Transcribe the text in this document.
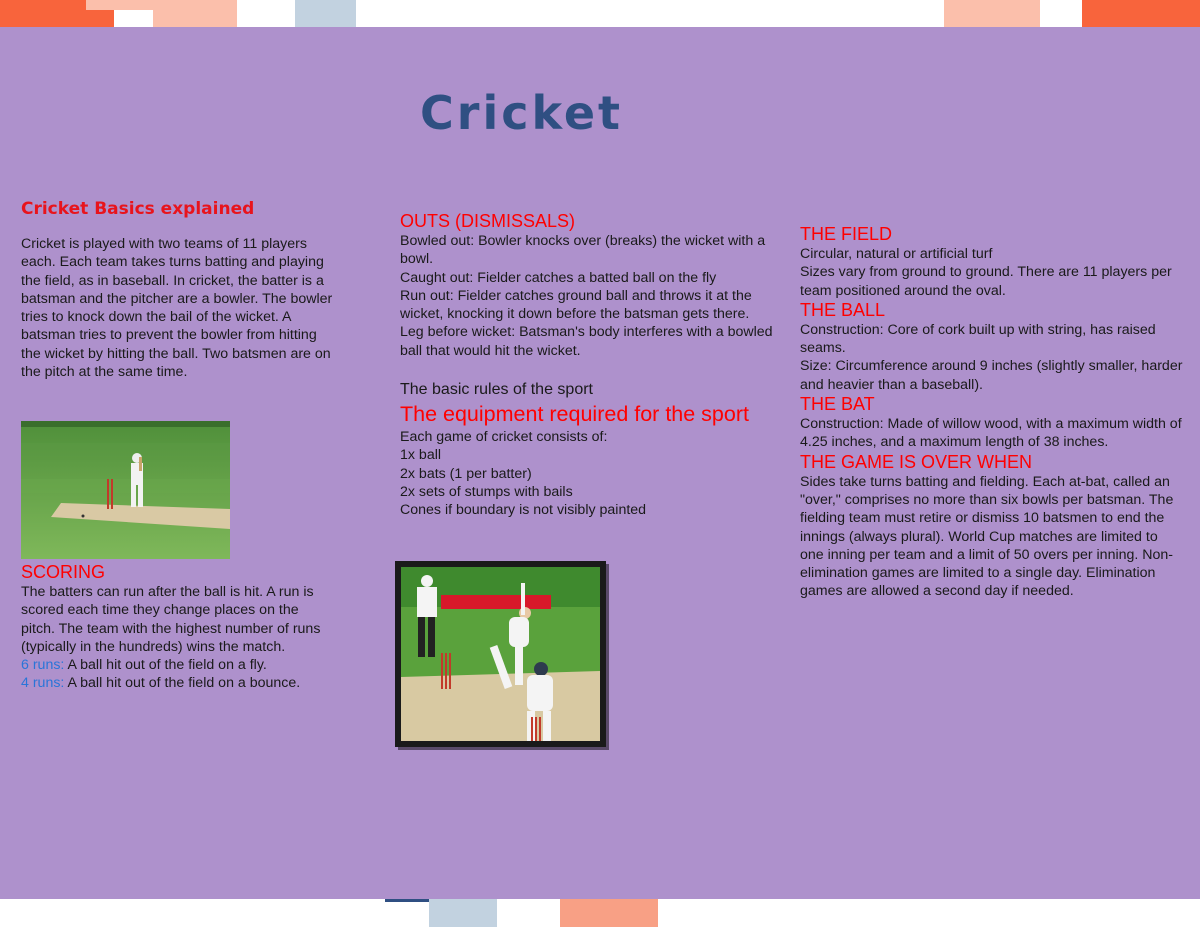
Cricket
Cricket Basics explained
Cricket is played with two teams of 11 players each. Each team takes turns batting and playing the field, as in baseball. In cricket, the batter is a batsman and the pitcher are a bowler. The bowler tries to knock down the bail of the wicket. A batsman tries to prevent the bowler from hitting the wicket by hitting the ball. Two batsmen are on the pitch at the same time.
SCORING
The batters can run after the ball is hit. A run is scored each time they change places on the pitch. The team with the highest number of runs (typically in the hundreds) wins the match.
6 runs: A ball hit out of the field on a fly.
4 runs: A ball hit out of the field on a bounce.
OUTS (DISMISSALS)
Bowled out: Bowler knocks over (breaks) the wicket with a bowl.
Caught out: Fielder catches a batted ball on the fly
Run out: Fielder catches ground ball and throws it at the wicket, knocking it down before the batsman gets there.
Leg before wicket: Batsman's body interferes with a bowled ball that would hit the wicket.
The basic rules of the sport
The equipment required for the sport
Each game of cricket consists of:
1x ball
2x bats (1 per batter)
2x sets of stumps with bails
Cones if boundary is not visibly painted
THE FIELD
Circular, natural or artificial turf
Sizes vary from ground to ground. There are 11 players per team positioned around the oval.
THE BALL
Construction: Core of cork built up with string, has raised seams.
Size: Circumference around 9 inches (slightly smaller, harder and heavier than a baseball).
THE BAT
Construction: Made of willow wood, with a maximum width of 4.25 inches, and a maximum length of 38 inches.
THE GAME IS OVER WHEN
Sides take turns batting and fielding. Each at-bat, called an "over," comprises no more than six bowls per batsman. The fielding team must retire or dismiss 10 batsmen to end the innings (always plural). World Cup matches are limited to one inning per team and a limit of 50 overs per inning. Non-elimination games are limited to a single day. Elimination games are allowed a second day if needed.
